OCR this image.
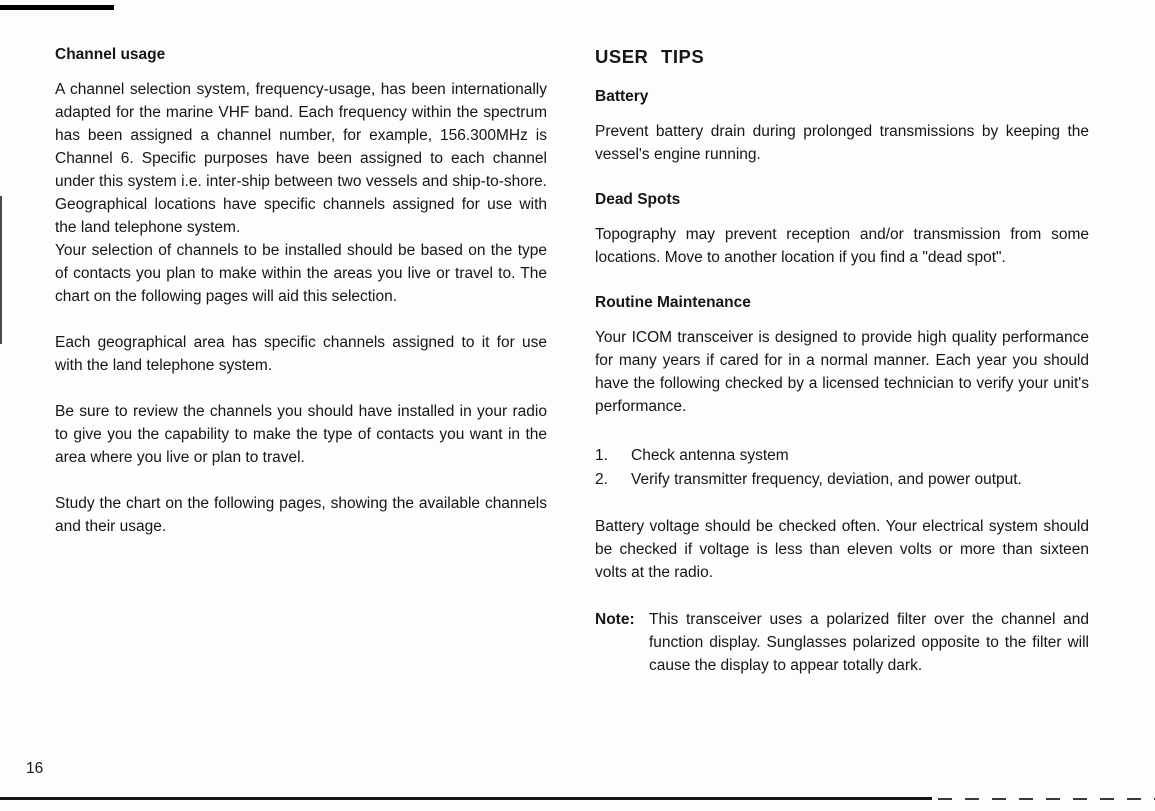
Channel usage

A channel selection system, frequency-usage, has been internationally adapted for the marine VHF band. Each frequency within the spectrum has been assigned a channel number, for example, 156.300MHz is Channel 6. Specific purposes have been assigned to each channel under this system i.e. inter-ship between two vessels and ship-to-shore. Geographical locations have specific channels assigned for use with the land telephone system.

Your selection of channels to be installed should be based on the type of contacts you plan to make within the areas you live or travel to. The chart on the following pages will aid this selection.

Each geographical area has specific channels assigned to it for use with the land telephone system.

Be sure to review the channels you should have installed in your radio to give you the capability to make the type of contacts you want in the area where you live or plan to travel.

Study the chart on the following pages, showing the available channels and their usage.

USER TIPS
Battery

Prevent battery drain during prolonged transmissions by keeping the vessel's engine running.

Dead Spots

Topography may prevent reception and/or transmission from some locations. Move to another location if you find a "dead spot".

Routine Maintenance

Your ICOM transceiver is designed to provide high quality performance for many years if cared for in a normal manner. Each year you should have the following checked by a licensed technician to verify your unit's performance.

1.	Check antenna system
2.	Verify transmitter frequency, deviation, and power output.

Battery voltage should be checked often. Your electrical system should be checked if voltage is less than eleven volts or more than sixteen volts at the radio.

Note: This transceiver uses a polarized filter over the channel and function display. Sunglasses polarized opposite to the filter will cause the display to appear totally dark.
16
